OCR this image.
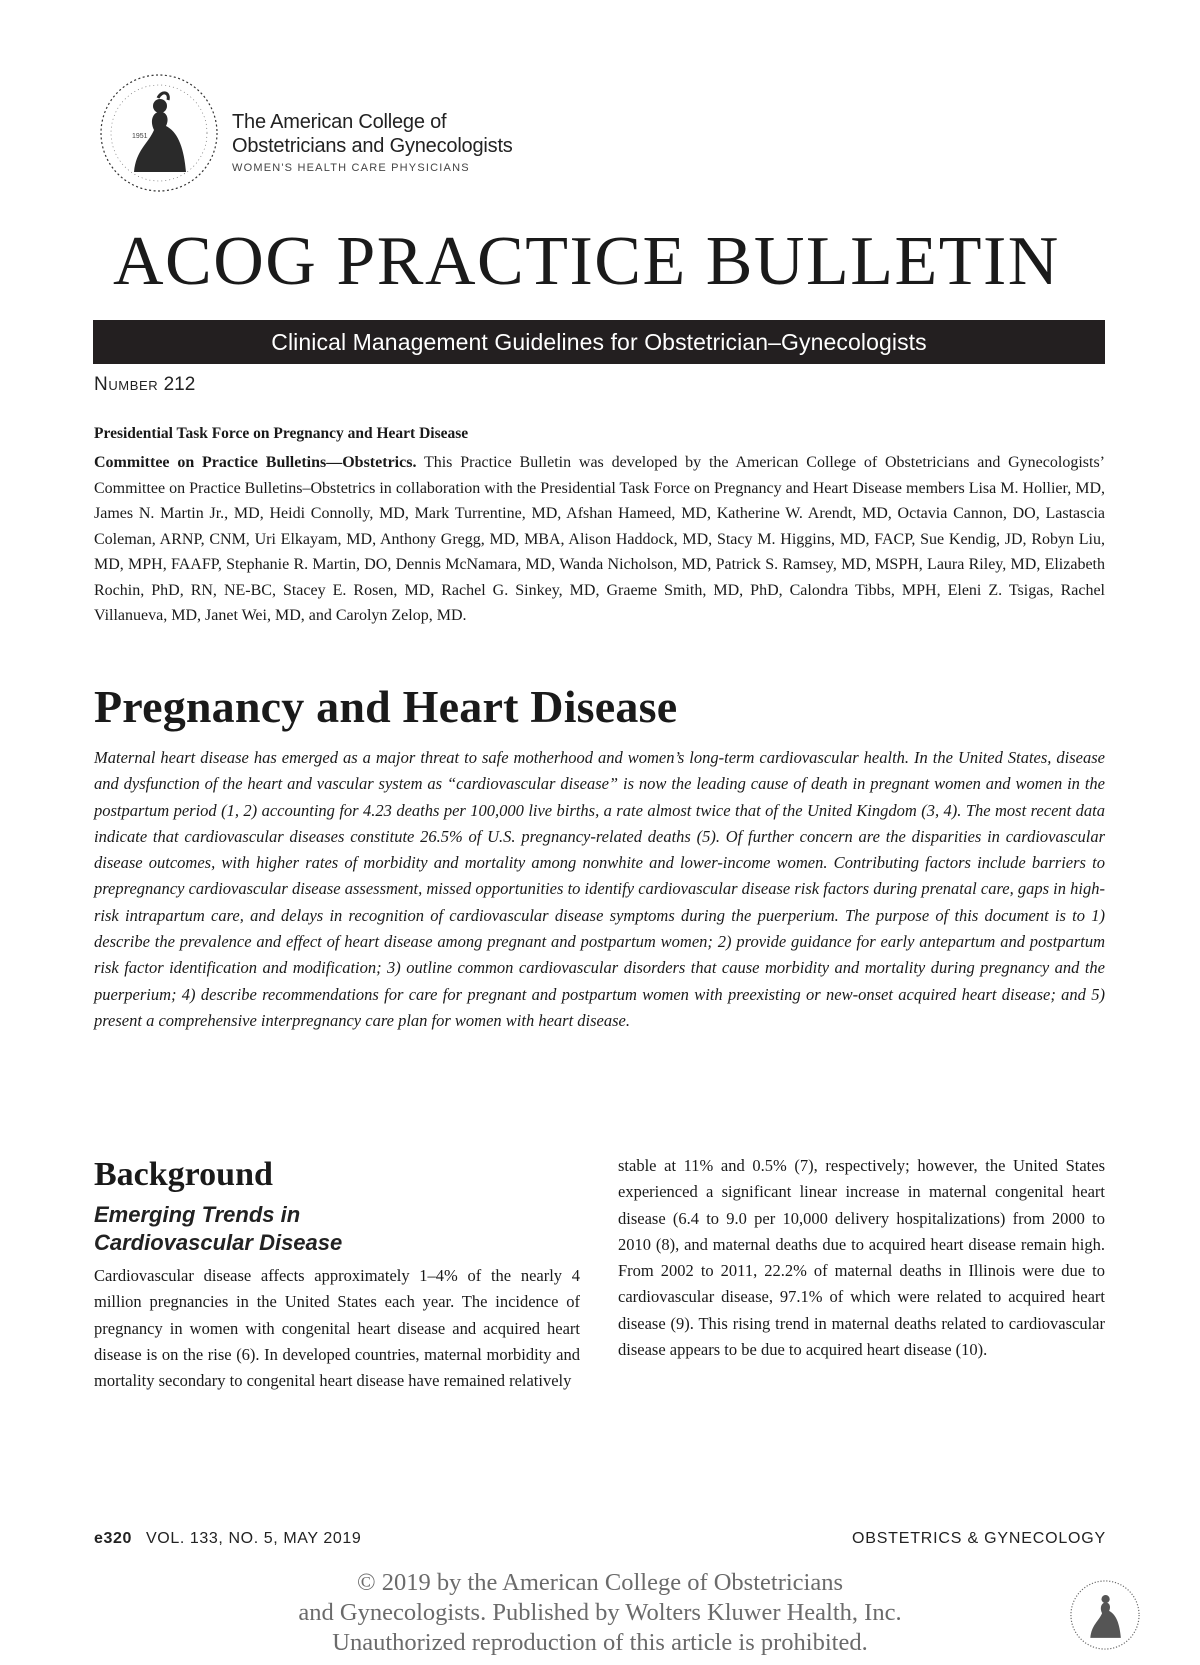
1951
The American College of
Obstetricians and Gynecologists
WOMEN'S HEALTH CARE PHYSICIANS
ACOG PRACTICE BULLETIN
Clinical Management Guidelines for Obstetrician–Gynecologists
Number 212
Presidential Task Force on Pregnancy and Heart Disease
Committee on Practice Bulletins—Obstetrics. This Practice Bulletin was developed by the American College of Obstetricians and Gynecologists’ Committee on Practice Bulletins–Obstetrics in collaboration with the Presidential Task Force on Pregnancy and Heart Disease members Lisa M. Hollier, MD, James N. Martin Jr., MD, Heidi Connolly, MD, Mark Turrentine, MD, Afshan Hameed, MD, Katherine W. Arendt, MD, Octavia Cannon, DO, Lastascia Coleman, ARNP, CNM, Uri Elkayam, MD, Anthony Gregg, MD, MBA, Alison Haddock, MD, Stacy M. Higgins, MD, FACP, Sue Kendig, JD, Robyn Liu, MD, MPH, FAAFP, Stephanie R. Martin, DO, Dennis McNamara, MD, Wanda Nicholson, MD, Patrick S. Ramsey, MD, MSPH, Laura Riley, MD, Elizabeth Rochin, PhD, RN, NE-BC, Stacey E. Rosen, MD, Rachel G. Sinkey, MD, Graeme Smith, MD, PhD, Calondra Tibbs, MPH, Eleni Z. Tsigas, Rachel Villanueva, MD, Janet Wei, MD, and Carolyn Zelop, MD.
Pregnancy and Heart Disease
Maternal heart disease has emerged as a major threat to safe motherhood and women’s long-term cardiovascular health. In the United States, disease and dysfunction of the heart and vascular system as “cardiovascular disease” is now the leading cause of death in pregnant women and women in the postpartum period (1, 2) accounting for 4.23 deaths per 100,000 live births, a rate almost twice that of the United Kingdom (3, 4). The most recent data indicate that cardiovascular diseases constitute 26.5% of U.S. pregnancy-related deaths (5). Of further concern are the disparities in cardiovascular disease outcomes, with higher rates of morbidity and mortality among nonwhite and lower-income women. Contributing factors include barriers to prepregnancy cardiovascular disease assessment, missed opportunities to identify cardiovascular disease risk factors during prenatal care, gaps in high-risk intrapartum care, and delays in recognition of cardiovascular disease symptoms during the puerperium. The purpose of this document is to 1) describe the prevalence and effect of heart disease among pregnant and postpartum women; 2) provide guidance for early antepartum and postpartum risk factor identification and modification; 3) outline common cardiovascular disorders that cause morbidity and mortality during pregnancy and the puerperium; 4) describe recommendations for care for pregnant and postpartum women with preexisting or new-onset acquired heart disease; and 5) present a comprehensive interpregnancy care plan for women with heart disease.
Background
Emerging Trends in
Cardiovascular Disease

Cardiovascular disease affects approximately 1–4% of the nearly 4 million pregnancies in the United States each year. The incidence of pregnancy in women with congenital heart disease and acquired heart disease is on the rise (6). In developed countries, maternal morbidity and mortality secondary to congenital heart disease have remained relatively

stable at 11% and 0.5% (7), respectively; however, the United States experienced a significant linear increase in maternal congenital heart disease (6.4 to 9.0 per 10,000 delivery hospitalizations) from 2000 to 2010 (8), and maternal deaths due to acquired heart disease remain high. From 2002 to 2011, 22.2% of maternal deaths in Illinois were due to cardiovascular disease, 97.1% of which were related to acquired heart disease (9). This rising trend in maternal deaths related to cardiovascular disease appears to be due to acquired heart disease (10).

e320 VOL. 133, NO. 5, MAY 2019	OBSTETRICS & GYNECOLOGY
© 2019 by the American College of Obstetricians
and Gynecologists. Published by Wolters Kluwer Health, Inc.
Unauthorized reproduction of this article is prohibited.
